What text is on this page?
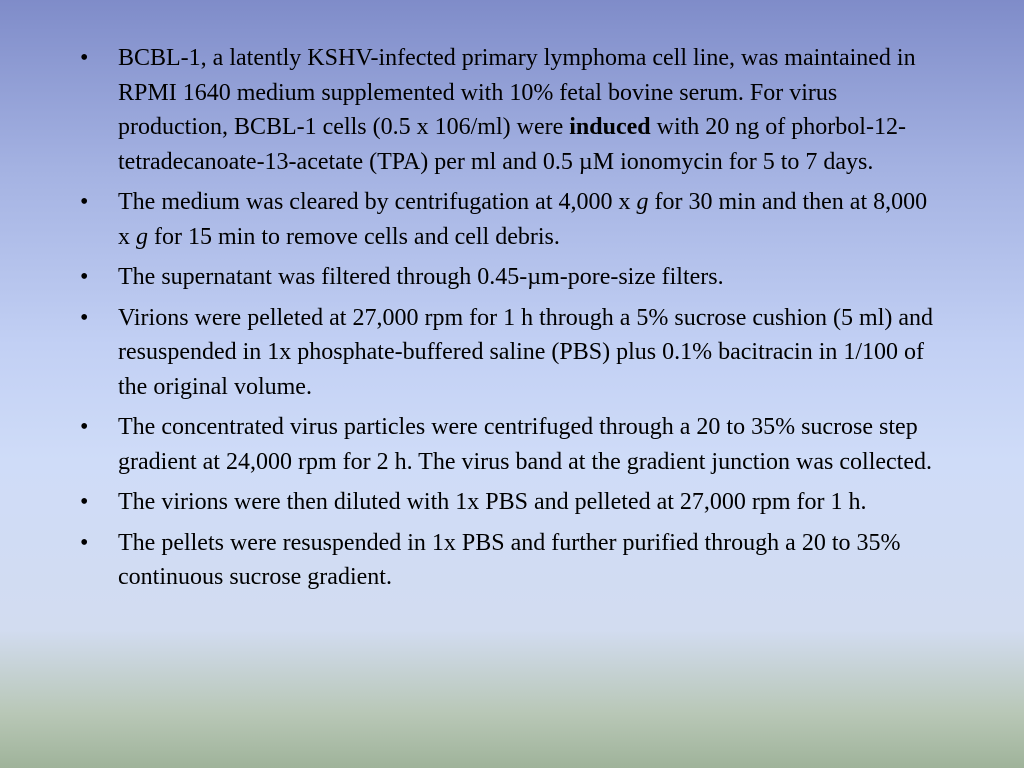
• BCBL-1, a latently KSHV-infected primary lymphoma cell line, was maintained in RPMI 1640 medium supplemented with 10% fetal bovine serum. For virus production, BCBL-1 cells (0.5 x 106/ml) were induced with 20 ng of phorbol-12-tetradecanoate-13-acetate (TPA) per ml and 0.5 µM ionomycin for 5 to 7 days.
• The medium was cleared by centrifugation at 4,000 x g for 30 min and then at 8,000 x g for 15 min to remove cells and cell debris.
• The supernatant was filtered through 0.45-µm-pore-size filters.
• Virions were pelleted at 27,000 rpm for 1 h through a 5% sucrose cushion (5 ml) and resuspended in 1x phosphate-buffered saline (PBS) plus 0.1% bacitracin in 1/100 of the original volume.
• The concentrated virus particles were centrifuged through a 20 to 35% sucrose step gradient at 24,000 rpm for 2 h. The virus band at the gradient junction was collected.
• The virions were then diluted with 1x PBS and pelleted at 27,000 rpm for 1 h.
• The pellets were resuspended in 1x PBS and further purified through a 20 to 35% continuous sucrose gradient.
